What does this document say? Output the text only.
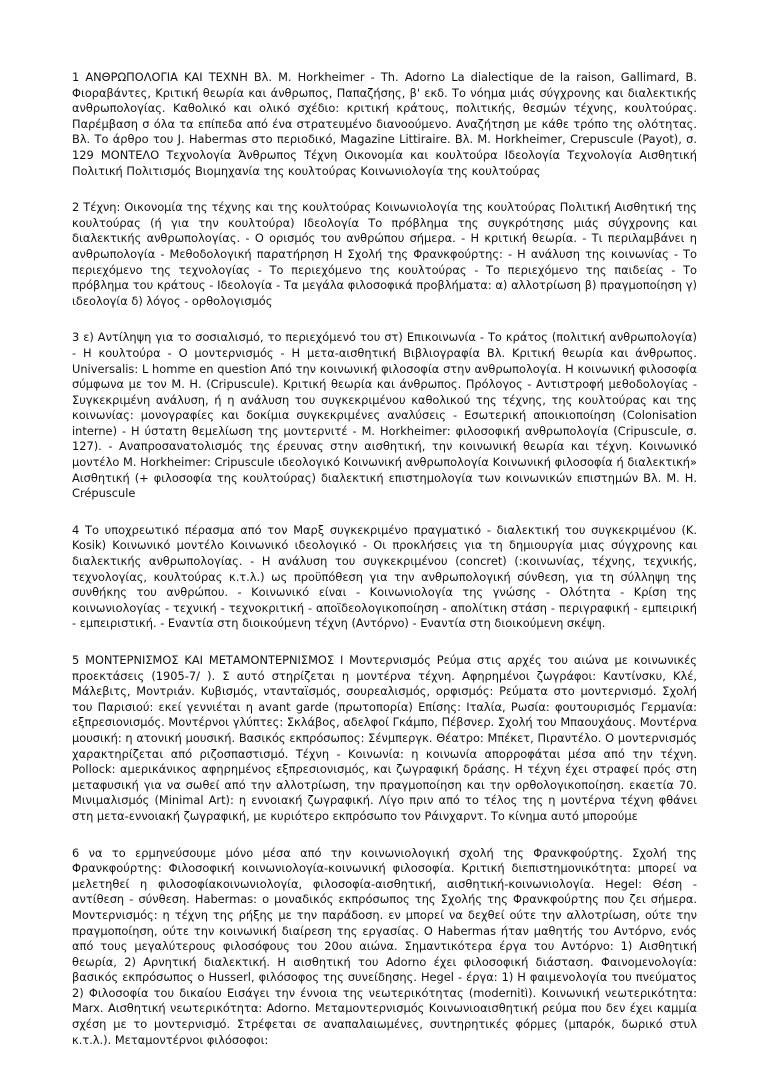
1 ΑΝΘΡΩΠΟΛΟΓΙΑ ΚΑΙ ΤΕΧΝΗ Βλ. Μ. Horkheimer - Th. Adorno La dialectique de la raison, Gallimard, Β. Φιοραβάντες, Κριτική θεωρία και άνθρωπος, Παπαζήσης, β' εκδ. Το νόημα μιάς σύγχρονης και διαλεκτικής ανθρωπολογίας. Καθολικό και ολικό σχέδιο: κριτική κράτους, πολιτικής, θεσμών τέχνης, κουλτούρας. Παρέμβαση σ όλα τα επίπεδα από ένα στρατευμένο διανοούμενο. Αναζήτηση με κάθε τρόπο της ολότητας. Βλ. Το άρθρο του J. Habermas στο περιοδικό, Magazine Littiraire. Βλ. Μ. Horkheimer, Crepuscule (Payot), σ. 129 ΜΟΝΤΕΛΟ Τεχνολογία Άνθρωπος Τέχνη Οικονομία και κουλτούρα Ιδεολογία Τεχνολογία Αισθητική Πολιτική Πολιτισμός Βιομηχανία της κουλτούρας Κοινωνιολογία της κουλτούρας

2 Τέχνη: Οικονομία της τέχνης και της κουλτούρας Κοινωνιολογία της κουλτούρας Πολιτική Αισθητική της κουλτούρας (ή για την κουλτούρα) Ιδεολογία Το πρόβλημα της συγκρότησης μιάς σύγχρονης και διαλεκτικής ανθρωπολογίας. - Ο ορισμός του ανθρώπου σήμερα. - Η κριτική θεωρία. - Τι περιλαμβάνει η ανθρωπολογία - Μεθοδολογική παρατήρηση Η Σχολή της Φρανκφούρτης: - Η ανάλυση της κοινωνίας - Το περιεχόμενο της τεχνολογίας - Το περιεχόμενο της κουλτούρας - Το περιεχόμενο της παιδείας - Το πρόβλημα του κράτους - Ιδεολογία - Τα μεγάλα φιλοσοφικά προβλήματα: α) αλλοτρίωση β) πραγμοποίηση γ) ιδεολογία δ) λόγος - ορθολογισμός

3 ε) Αντίληψη για το σοσιαλισμό, το περιεχόμενό του στ) Επικοινωνία - Το κράτος (πολιτική ανθρωπολογία) - Η κουλτούρα - Ο μοντερνισμός - Η μετα-αισθητική Βιβλιογραφία Βλ. Κριτική θεωρία και άνθρωπος. Universalis: L homme en question Από την κοινωνική φιλοσοφία στην ανθρωπολογία. Η κοινωνική φιλοσοφία σύμφωνα με τον Μ. Η. (Cripuscule). Κριτική θεωρία και άνθρωπος. Πρόλογος - Αντιστροφή μεθοδολογίας - Συγκεκριμένη ανάλυση, ή η ανάλυση του συγκεκριμένου καθολικού της τέχνης, της κουλτούρας και της κοινωνίας: μονογραφίες και δοκίμια συγκεκριμένες αναλύσεις - Εσωτερική αποικιοποίηση (Colonisation interne) - Η ύστατη θεμελίωση της μοντερνιτέ - Μ. Horkheimer: φιλοσοφική ανθρωπολογία (Cripuscule, σ. 127). - Αναπροσανατολισμός της έρευνας στην αισθητική, την κοινωνική θεωρία και τέχνη. Κοινωνικό μοντέλο Μ. Horkheimer: Cripuscule ιδεολογικό Κοινωνική ανθρωπολογία Κοινωνική φιλοσοφία ή διαλεκτική» Αισθητική (+ φιλοσοφία της κουλτούρας) διαλεκτική επιστημολογία των κοινωνικών επιστημών Βλ. Μ. Η. Crépuscule

4 Το υποχρεωτικό πέρασμα από τον Μαρξ συγκεκριμένο πραγματικό - διαλεκτική του συγκεκριμένου (Κ. Kosik) Κοινωνικό μοντέλο Κοινωνικό ιδεολογικό - Οι προκλήσεις για τη δημιουργία μιας σύγχρονης και διαλεκτικής ανθρωπολογίας. - Η ανάλυση του συγκεκριμένου (concret) (:κοινωνίας, τέχνης, τεχνικής, τεχνολογίας, κουλτούρας κ.τ.λ.) ως προϋπόθεση για την ανθρωπολογική σύνθεση, για τη σύλληψη της συνθήκης του ανθρώπου. - Κοινωνικό είναι - Κοινωνιολογία της γνώσης - Ολότητα - Κρίση της κοινωνιολογίας - τεχνική - τεχνοκριτική - αποϊδεολογικοποίηση - απολίτικη στάση - περιγραφική - εμπειρική - εμπειριστική. - Εναντία στη διοικούμενη τέχνη (Αντόρνο) - Εναντία στη διοικούμενη σκέψη.

5 ΜΟΝΤΕΡΝΙΣΜΟΣ ΚΑΙ ΜΕΤΑΜΟΝΤΕΡΝΙΣΜΟΣ Ι Μοντερνισμός Ρεύμα στις αρχές του αιώνα με κοινωνικές προεκτάσεις (1905-7/ ). Σ αυτό στηρίζεται η μοντέρνα τέχνη. Αφηρημένοι ζωγράφοι: Καντίνσκυ, Κλέ, Μάλεβιτς, Μοντριάν. Κυβισμός, ντανταϊσμός, σουρεαλισμός, ορφισμός: Ρεύματα στο μοντερνισμό. Σχολή του Παρισιού: εκεί γεννιέται η avant garde (πρωτοπορία) Επίσης: Ιταλία, Ρωσία: φουτουρισμός Γερμανία: εξπρεσιονισμός. Μοντέρνοι γλύπτες: Σκλάβος, αδελφοί Γκάμπο, Πέβσνερ. Σχολή του Μπαουχάους. Μοντέρνα μουσική: η ατονική μουσική. Βασικός εκπρόσωπος: Σένμπεργκ. Θέατρο: Μπέκετ, Πιραντέλο. Ο μοντερνισμός χαρακτηρίζεται από ριζοσπαστισμό. Τέχνη - Κοινωνία: η κοινωνία απορροφάται μέσα από την τέχνη. Pollock: αμερικάνικος αφηρημένος εξπρεσιονισμός, και ζωγραφική δράσης. Η τέχνη έχει στραφεί πρός στη μεταφυσική για να σωθεί από την αλλοτρίωση, την πραγμοποίηση και την ορθολογικοποίηση. εκαετία 70. Μινιμαλισμός (Minimal Art): η εννοιακή ζωγραφική. Λίγο πριν από το τέλος της η μοντέρνα τέχνη φθάνει στη μετα-εννοιακή ζωγραφική, με κυριότερο εκπρόσωπο τον Ράινχαρντ. Το κίνημα αυτό μπορούμε

6 να το ερμηνεύσουμε μόνο μέσα από την κοινωνιολογική σχολή της Φρανκφούρτης. Σχολή της Φρανκφούρτης: Φιλοσοφική κοινωνιολογία-κοινωνική φιλοσοφία. Κριτική διεπιστημονικότητα: μπορεί να μελετηθεί η φιλοσοφίακοινωνιολογία, φιλοσοφία-αισθητική, αισθητική-κοινωνιολογία. Hegel: Θέση - αντίθεση - σύνθεση. Habermas: ο μοναδικός εκπρόσωπος της Σχολής της Φρανκφούρτης που ζει σήμερα. Μοντερνισμός: η τέχνη της ρήξης με την παράδοση. εν μπορεί να δεχθεί ούτε την αλλοτρίωση, ούτε την πραγμοποίηση, ούτε την κοινωνική διαίρεση της εργασίας. Ο Habermas ήταν μαθητής του Αντόρνο, ενός από τους μεγαλύτερους φιλοσόφους του 20ου αιώνα. Σημαντικότερα έργα του Αντόρνο: 1) Αισθητική θεωρία, 2) Αρνητική διαλεκτική. Η αισθητική του Adorno έχει φιλοσοφική διάσταση. Φαινομενολογία: βασικός εκπρόσωπος ο Husserl, φιλόσοφος της συνείδησης. Hegel - έργα: 1) Η φαιμενολογία του πνεύματος 2) Φιλοσοφία του δικαίου Εισάγει την έννοια της νεωτερικότητας (modernitì). Κοινωνική νεωτερικότητα: Marx. Αισθητική νεωτερικότητα: Adorno. Μεταμοντερνισμός Κοινωνιοαισθητική ρεύμα που δεν έχει καμμία σχέση με το μοντερνισμό. Στρέφεται σε αναπαλαιωμένες, συντηρητικές φόρμες (μπαρόκ, δωρικό στυλ κ.τ.λ.). Μεταμοντέρνοι φιλόσοφοι:
